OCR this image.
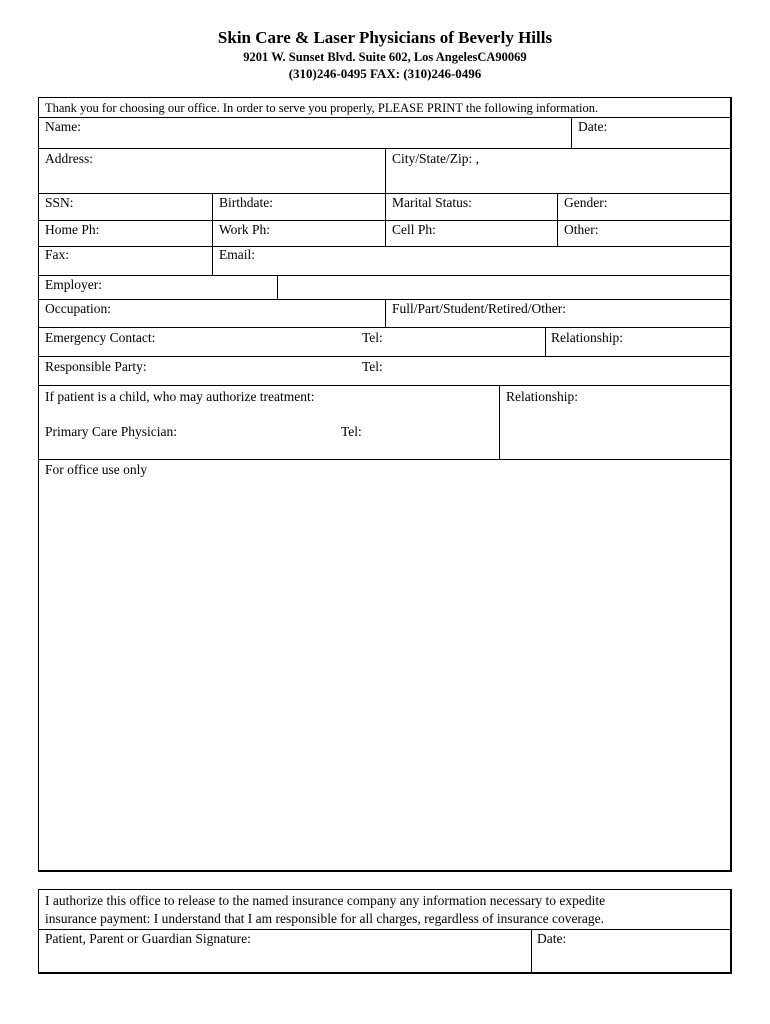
Skin Care & Laser Physicians of Beverly Hills
9201 W. Sunset Blvd. Suite 602, Los AngelesCA90069
(310)246-0495 FAX: (310)246-0496
Thank you for choosing our office. In order to serve you properly, PLEASE PRINT the following information.
Name:	Date:
Address:	City/State/Zip: ,
SSN:	Birthdate:	Marital Status:	Gender:
Home Ph:	Work Ph:	Cell Ph:	Other:
Fax:	Email:
Employer:
Occupation:	Full/Part/Student/Retired/Other:
Emergency Contact:	Tel:	Relationship:
Responsible Party:	Tel:
If patient is a child, who may authorize treatment:	Relationship:
Primary Care Physician:	Tel:
For office use only
I authorize this office to release to the named insurance company any information necessary to expedite
insurance payment: I understand that I am responsible for all charges, regardless of insurance coverage.
Patient, Parent or Guardian Signature:	Date:
